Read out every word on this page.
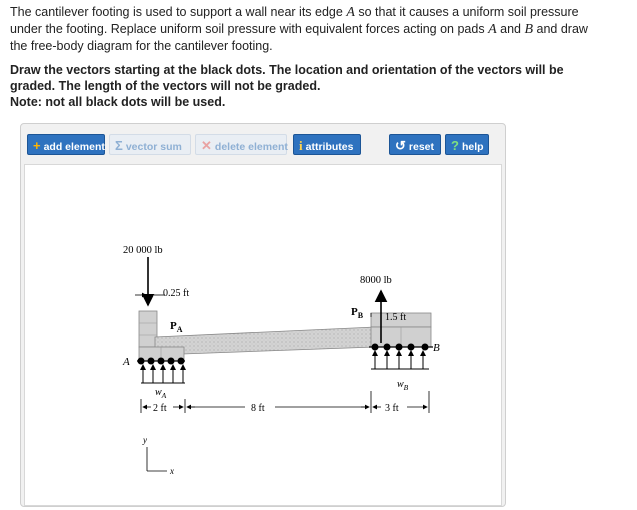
The cantilever footing is used to support a wall near its edge A so that it causes a uniform soil pressure
under the footing. Replace uniform soil pressure with equivalent forces acting on pads A and B and draw
the free-body diagram for the cantilever footing.
Draw the vectors starting at the black dots. The location and orientation of the vectors will be
graded. The length of the vectors will not be graded.
Note: not all black dots will be used.
+ add element Σ vector sum	✕ delete element i attributes	↺ reset	? help
20 000 lb
0.25 ft
$P_A$
8000 lb
$P_B$ 1.5 ft
A
B
$w_A$
$w_B$
2 ft	8 ft	3 ft
y
x
